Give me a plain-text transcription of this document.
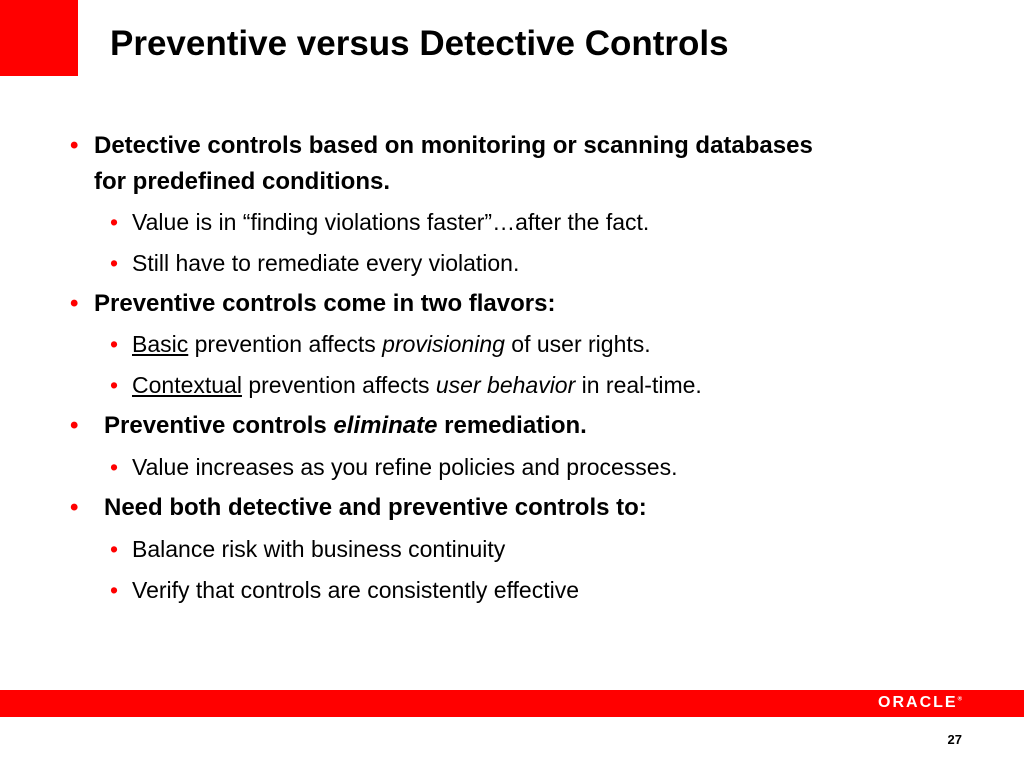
Preventive versus Detective Controls
• Detective controls based on monitoring or scanning databases
for predefined conditions.
• Value is in “finding violations faster”…after the fact.
• Still have to remediate every violation.
• Preventive controls come in two flavors:
• Basic prevention affects provisioning of user rights.
• Contextual prevention affects user behavior in real-time.
• Preventive controls eliminate remediation.
• Value increases as you refine policies and processes.
• Need both detective and preventive controls to:
• Balance risk with business continuity
• Verify that controls are consistently effective
ORACLE®
27
